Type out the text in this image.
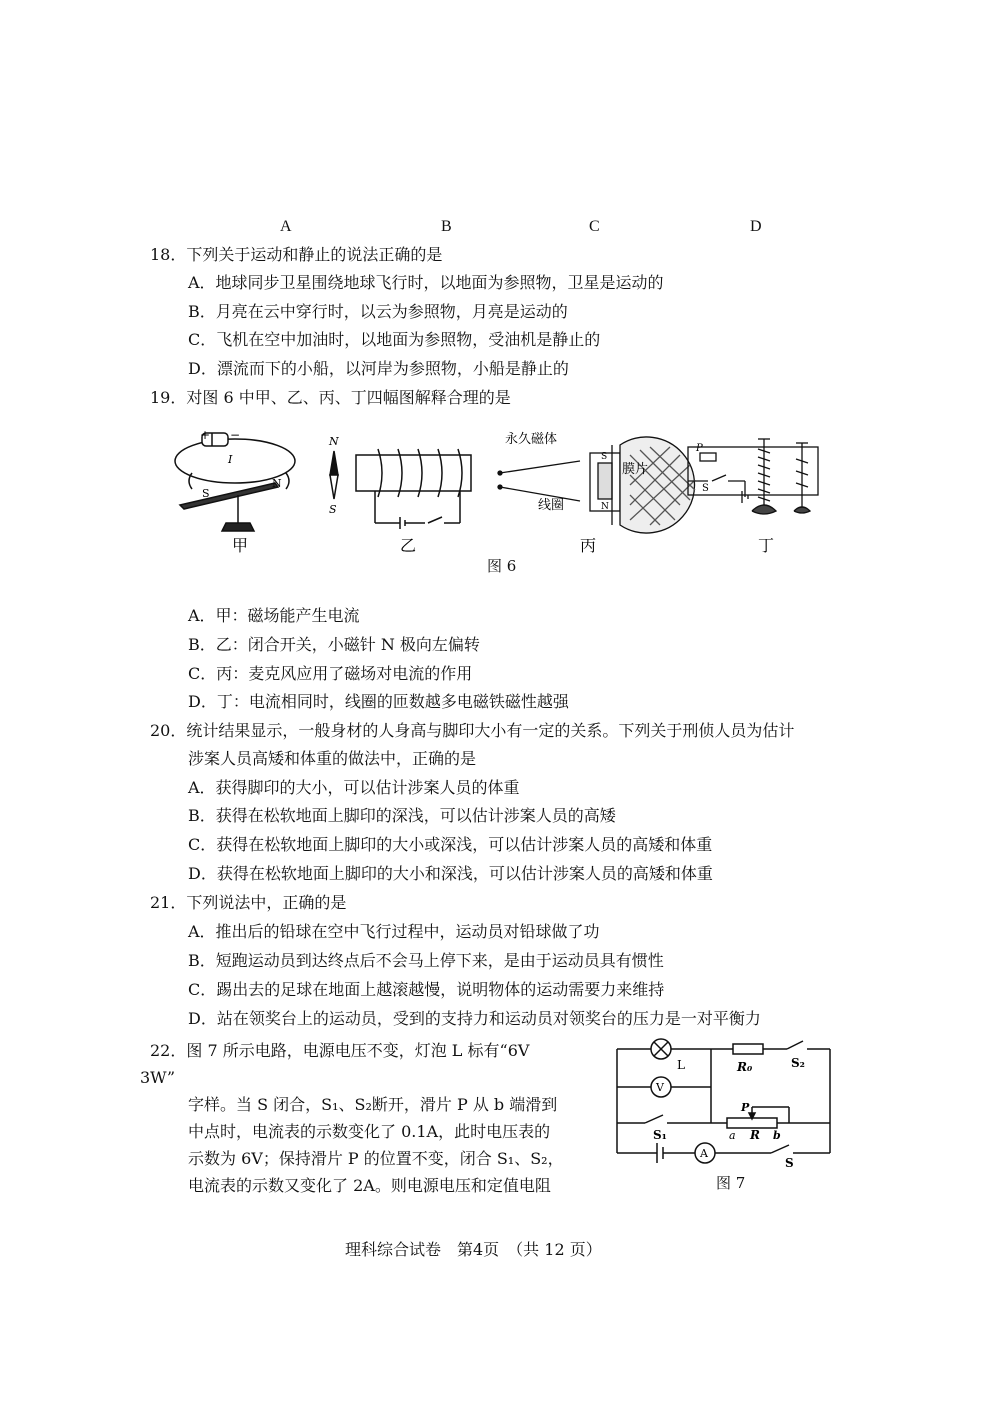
A	B	C	D
18．下列关于运动和静止的说法正确的是
A．地球同步卫星围绕地球飞行时，以地面为参照物，卫星是运动的
B．月亮在云中穿行时，以云为参照物，月亮是运动的
C．飞机在空中加油时，以地面为参照物，受油机是静止的
D．漂流而下的小船，以河岸为参照物，小船是静止的
19．对图 6 中甲、乙、丙、丁四幅图解释合理的是
+ −
I
S
N
甲
N
S
乙
永久磁体
膜片
线圈
S
N
丙
P
S
丁
图 6
A．甲：磁场能产生电流
B．乙：闭合开关，小磁针 N 极向左偏转
C．丙：麦克风应用了磁场对电流的作用
D．丁：电流相同时，线圈的匝数越多电磁铁磁性越强
20．统计结果显示，一般身材的人身高与脚印大小有一定的关系。下列关于刑侦人员为估计
涉案人员高矮和体重的做法中，正确的是
A．获得脚印的大小，可以估计涉案人员的体重
B．获得在松软地面上脚印的深浅，可以估计涉案人员的高矮
C．获得在松软地面上脚印的大小或深浅，可以估计涉案人员的高矮和体重
D．获得在松软地面上脚印的大小和深浅，可以估计涉案人员的高矮和体重
21．下列说法中，正确的是
A．推出后的铅球在空中飞行过程中，运动员对铅球做了功
B．短跑运动员到达终点后不会马上停下来，是由于运动员具有惯性
C．踢出去的足球在地面上越滚越慢，说明物体的运动需要力来维持
D．站在领奖台上的运动员，受到的支持力和运动员对领奖台的压力是一对平衡力
22．图 7 所示电路，电源电压不变，灯泡 L 标有“6V
3W”
字样。当 S 闭合，S₁、S₂断开，滑片 P 从 b 端滑到
中点时，电流表的示数变化了 0.1A，此时电压表的
示数为 6V；保持滑片 P 的位置不变，闭合 S₁、S₂，
电流表的示数又变化了 2A。则电源电压和定值电阻
L	R₀	S₂
V
P
a R b
S₁
A
S
图 7
理科综合试卷　第4页　（共 12 页）
